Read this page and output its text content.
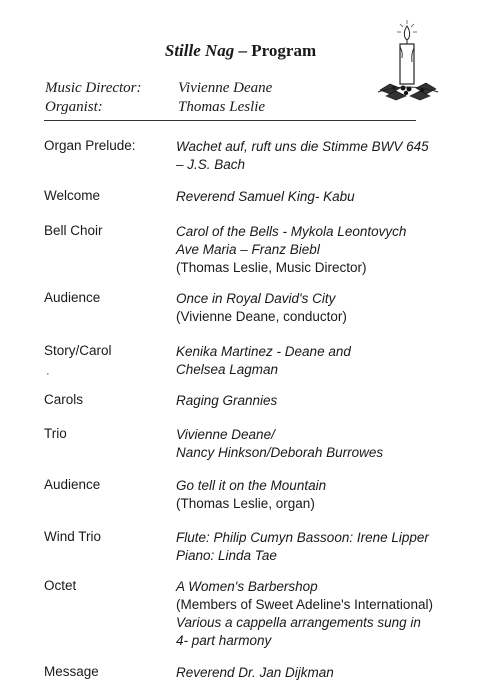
Stille Nag – Program
Music Director: Vivienne Deane
Organist:	Thomas Leslie
·
Organ Prelude:	Wachet auf, ruft uns die Stimme BWV 645
– J.S. Bach
Welcome	Reverend Samuel King- Kabu
Bell Choir	Carol of the Bells - Mykola Leontovych
Ave Maria – Franz Biebl
(Thomas Leslie, Music Director)
Audience	Once in Royal David's City
(Vivienne Deane, conductor)
Story/Carol	Kenika Martinez - Deane and
Chelsea Lagman
Carols	Raging Grannies
Trio	Vivienne Deane/
Nancy Hinkson/Deborah Burrowes
Audience	Go tell it on the Mountain
(Thomas Leslie, organ)
Wind Trio	Flute: Philip Cumyn Bassoon: Irene Lipper
Piano: Linda Tae
Octet	A Women's Barbershop
(Members of Sweet Adeline's International)
Various a cappella arrangements sung in
4- part harmony
Message	Reverend Dr. Jan Dijkman
